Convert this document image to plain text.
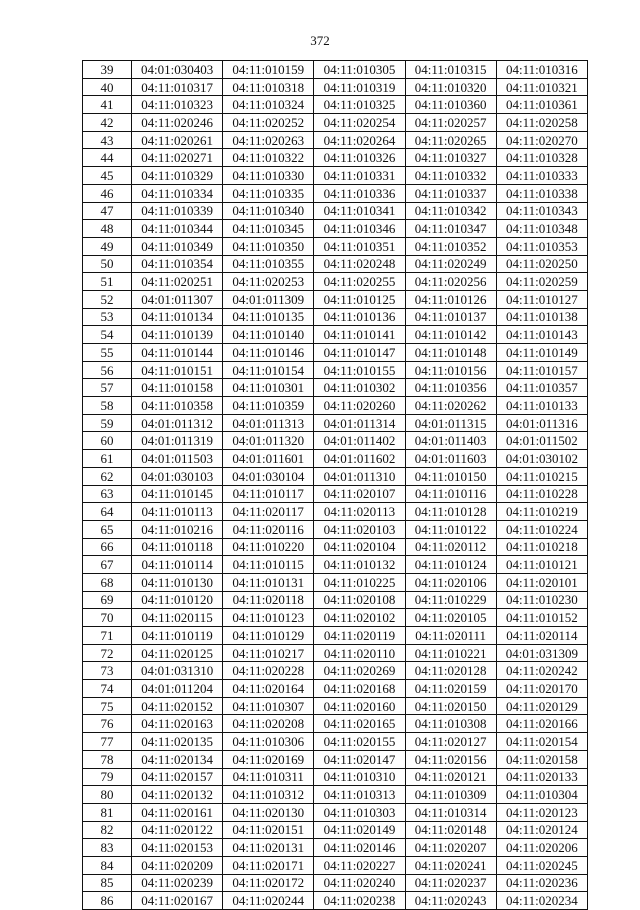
372
39	04:01:030403	04:11:010159	04:11:010305	04:11:010315	04:11:010316
40	04:11:010317	04:11:010318	04:11:010319	04:11:010320	04:11:010321
41	04:11:010323	04:11:010324	04:11:010325	04:11:010360	04:11:010361
42	04:11:020246	04:11:020252	04:11:020254	04:11:020257	04:11:020258
43	04:11:020261	04:11:020263	04:11:020264	04:11:020265	04:11:020270
44	04:11:020271	04:11:010322	04:11:010326	04:11:010327	04:11:010328
45	04:11:010329	04:11:010330	04:11:010331	04:11:010332	04:11:010333
46	04:11:010334	04:11:010335	04:11:010336	04:11:010337	04:11:010338
47	04:11:010339	04:11:010340	04:11:010341	04:11:010342	04:11:010343
48	04:11:010344	04:11:010345	04:11:010346	04:11:010347	04:11:010348
49	04:11:010349	04:11:010350	04:11:010351	04:11:010352	04:11:010353
50	04:11:010354	04:11:010355	04:11:020248	04:11:020249	04:11:020250
51	04:11:020251	04:11:020253	04:11:020255	04:11:020256	04:11:020259
52	04:01:011307	04:01:011309	04:11:010125	04:11:010126	04:11:010127
53	04:11:010134	04:11:010135	04:11:010136	04:11:010137	04:11:010138
54	04:11:010139	04:11:010140	04:11:010141	04:11:010142	04:11:010143
55	04:11:010144	04:11:010146	04:11:010147	04:11:010148	04:11:010149
56	04:11:010151	04:11:010154	04:11:010155	04:11:010156	04:11:010157
57	04:11:010158	04:11:010301	04:11:010302	04:11:010356	04:11:010357
58	04:11:010358	04:11:010359	04:11:020260	04:11:020262	04:11:010133
59	04:01:011312	04:01:011313	04:01:011314	04:01:011315	04:01:011316
60	04:01:011319	04:01:011320	04:01:011402	04:01:011403	04:01:011502
61	04:01:011503	04:01:011601	04:01:011602	04:01:011603	04:01:030102
62	04:01:030103	04:01:030104	04:01:011310	04:11:010150	04:11:010215
63	04:11:010145	04:11:010117	04:11:020107	04:11:010116	04:11:010228
64	04:11:010113	04:11:020117	04:11:020113	04:11:010128	04:11:010219
65	04:11:010216	04:11:020116	04:11:020103	04:11:010122	04:11:010224
66	04:11:010118	04:11:010220	04:11:020104	04:11:020112	04:11:010218
67	04:11:010114	04:11:010115	04:11:010132	04:11:010124	04:11:010121
68	04:11:010130	04:11:010131	04:11:010225	04:11:020106	04:11:020101
69	04:11:010120	04:11:020118	04:11:020108	04:11:010229	04:11:010230
70	04:11:020115	04:11:010123	04:11:020102	04:11:020105	04:11:010152
71	04:11:010119	04:11:010129	04:11:020119	04:11:020111	04:11:020114
72	04:11:020125	04:11:010217	04:11:020110	04:11:010221	04:01:031309
73	04:01:031310	04:11:020228	04:11:020269	04:11:020128	04:11:020242
74	04:01:011204	04:11:020164	04:11:020168	04:11:020159	04:11:020170
75	04:11:020152	04:11:010307	04:11:020160	04:11:020150	04:11:020129
76	04:11:020163	04:11:020208	04:11:020165	04:11:010308	04:11:020166
77	04:11:020135	04:11:010306	04:11:020155	04:11:020127	04:11:020154
78	04:11:020134	04:11:020169	04:11:020147	04:11:020156	04:11:020158
79	04:11:020157	04:11:010311	04:11:010310	04:11:020121	04:11:020133
80	04:11:020132	04:11:010312	04:11:010313	04:11:010309	04:11:010304
81	04:11:020161	04:11:020130	04:11:010303	04:11:010314	04:11:020123
82	04:11:020122	04:11:020151	04:11:020149	04:11:020148	04:11:020124
83	04:11:020153	04:11:020131	04:11:020146	04:11:020207	04:11:020206
84	04:11:020209	04:11:020171	04:11:020227	04:11:020241	04:11:020245
85	04:11:020239	04:11:020172	04:11:020240	04:11:020237	04:11:020236
86	04:11:020167	04:11:020244	04:11:020238	04:11:020243	04:11:020234
